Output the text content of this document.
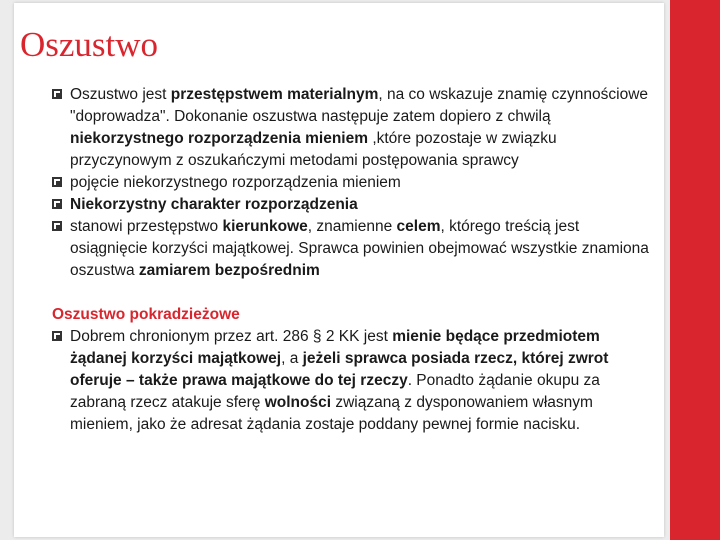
Oszustwo

Oszustwo jest przestępstwem materialnym, na co wskazuje znamię czynnościowe "doprowadza". Dokonanie oszustwa następuje zatem dopiero z chwilą niekorzystnego rozporządzenia mieniem ,które pozostaje w związku przyczynowym z oszukańczymi metodami postępowania sprawcy

pojęcie niekorzystnego rozporządzenia mieniem

Niekorzystny charakter rozporządzenia

stanowi przestępstwo kierunkowe, znamienne celem, którego treścią jest osiągnięcie korzyści majątkowej. Sprawca powinien obejmować wszystkie znamiona oszustwa zamiarem bezpośrednim

Oszustwo pokradzieżowe

Dobrem chronionym przez art. 286 § 2 KK jest mienie będące przedmiotem żądanej korzyści majątkowej, a jeżeli sprawca posiada rzecz, której zwrot oferuje – także prawa majątkowe do tej rzeczy. Ponadto żądanie okupu za zabraną rzecz atakuje sferę wolności związaną z dysponowaniem własnym mieniem, jako że adresat żądania zostaje poddany pewnej formie nacisku.
